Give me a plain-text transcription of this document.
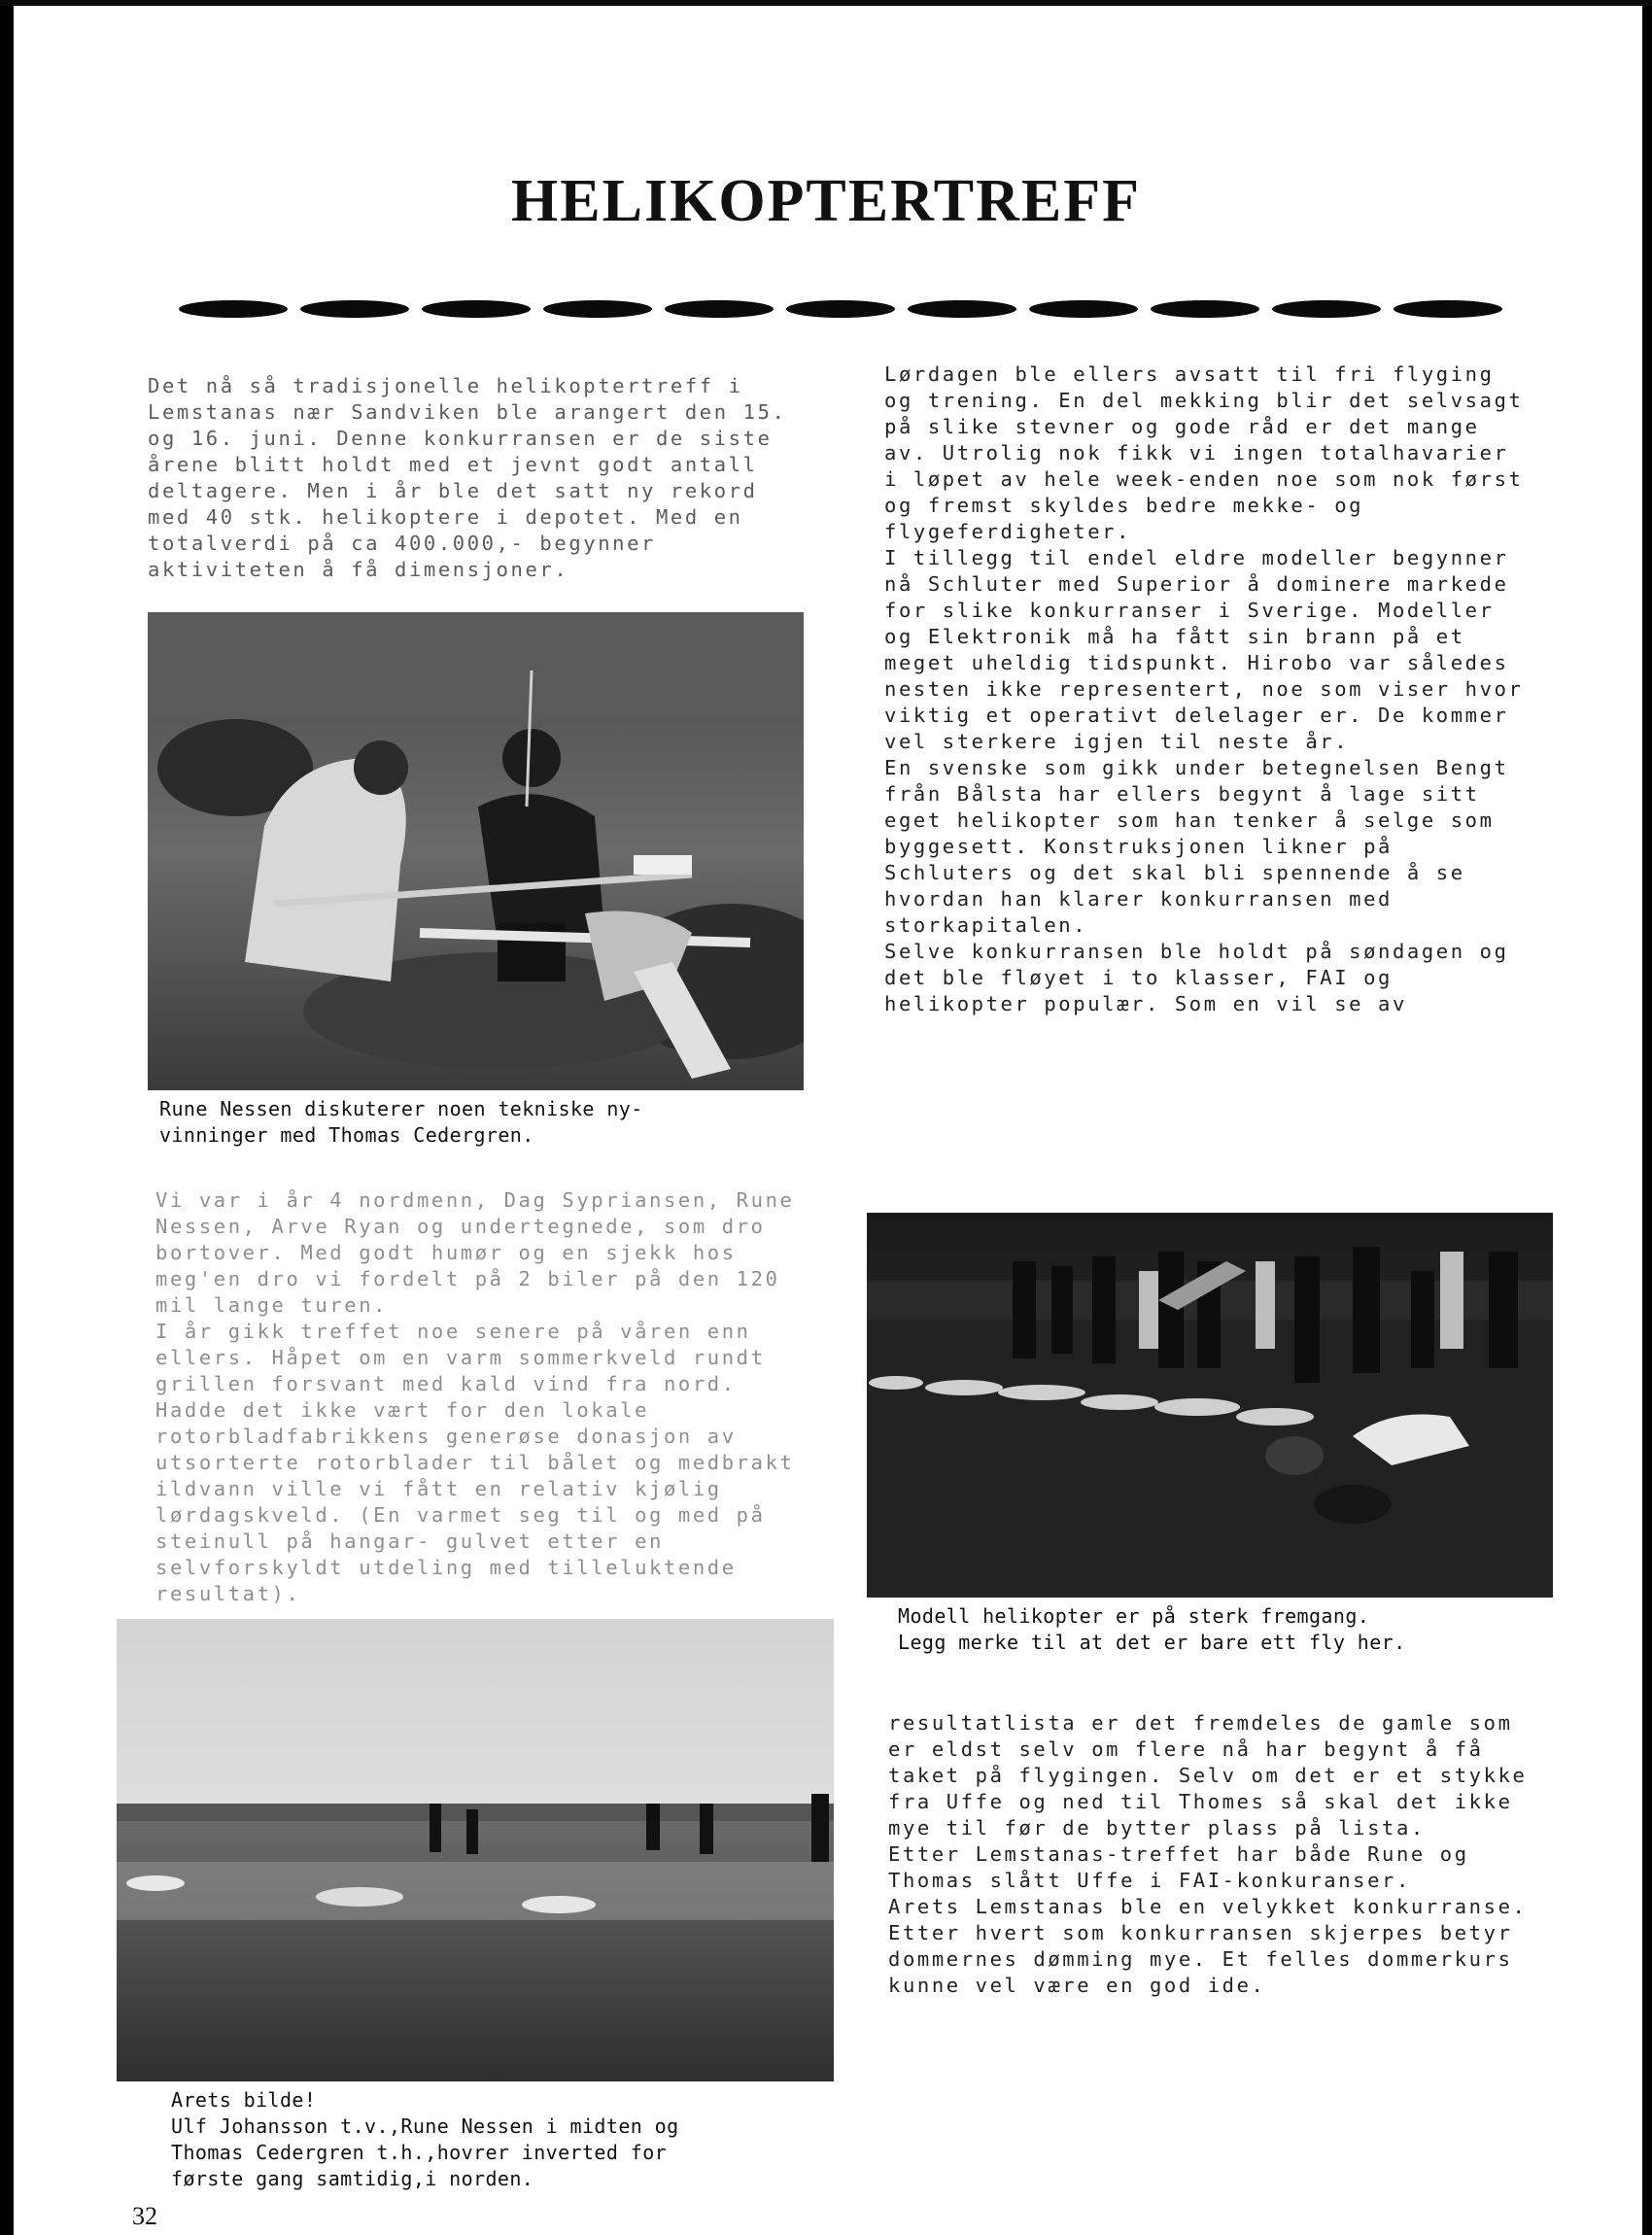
HELIKOPTERTREFF
Det nå så tradisjonelle helikoptertreff i Lemstanas nær Sandviken ble arangert den 15. og 16. juni. Denne konkurransen er de siste årene blitt holdt med et jevnt godt antall deltagere. Men i år ble det satt ny rekord med 40 stk. helikoptere i depotet. Med en totalverdi på ca 400.000,- begynner aktiviteten å få dimensjoner.
Rune Nessen diskuterer noen tekniske ny-
vinninger med Thomas Cedergren.
Vi var i år 4 nordmenn, Dag Sypriansen, Rune Nessen, Arve Ryan og undertegnede, som dro bortover. Med godt humør og en sjekk hos meg'en dro vi fordelt på 2 biler på den 120 mil lange turen.
I år gikk treffet noe senere på våren enn ellers. Håpet om en varm sommerkveld rundt grillen forsvant med kald vind fra nord. Hadde det ikke vært for den lokale rotorbladfabrikkens generøse donasjon av utsorterte rotorblader til bålet og medbrakt ildvann ville vi fått en relativ kjølig lørdagskveld. (En varmet seg til og med på steinull på hangar- gulvet etter en selvforskyldt utdeling med tilleluktende resultat).
Arets bilde!
Ulf Johansson t.v.,Rune Nessen i midten og
Thomas Cedergren t.h.,hovrer inverted for
første gang samtidig,i norden.
Lørdagen ble ellers avsatt til fri flyging og trening. En del mekking blir det selvsagt på slike stevner og gode råd er det mange av. Utrolig nok fikk vi ingen totalhavarier i løpet av hele week-enden noe som nok først og fremst skyldes bedre mekke- og flygeferdigheter.
I tillegg til endel eldre modeller begynner nå Schluter med Superior å dominere markede for slike konkurranser i Sverige. Modeller og Elektronik må ha fått sin brann på et meget uheldig tidspunkt. Hirobo var således nesten ikke representert, noe som viser hvor viktig et operativt delelager er. De kommer vel sterkere igjen til neste år.
En svenske som gikk under betegnelsen Bengt från Bålsta har ellers begynt å lage sitt eget helikopter som han tenker å selge som byggesett. Konstruksjonen likner på Schluters og det skal bli spennende å se hvordan han klarer konkurransen med storkapitalen.
Selve konkurransen ble holdt på søndagen og det ble fløyet i to klasser, FAI og helikopter populær. Som en vil se av
Modell helikopter er på sterk fremgang.
Legg merke til at det er bare ett fly her.
resultatlista er det fremdeles de gamle som er eldst selv om flere nå har begynt å få taket på flygingen. Selv om det er et stykke fra Uffe og ned til Thomes så skal det ikke mye til før de bytter plass på lista.
Etter Lemstanas-treffet har både Rune og Thomas slått Uffe i FAI-konkuranser.
Arets Lemstanas ble en velykket konkurranse. Etter hvert som konkurransen skjerpes betyr dommernes dømming mye. Et felles dommerkurs kunne vel være en god ide.
32
